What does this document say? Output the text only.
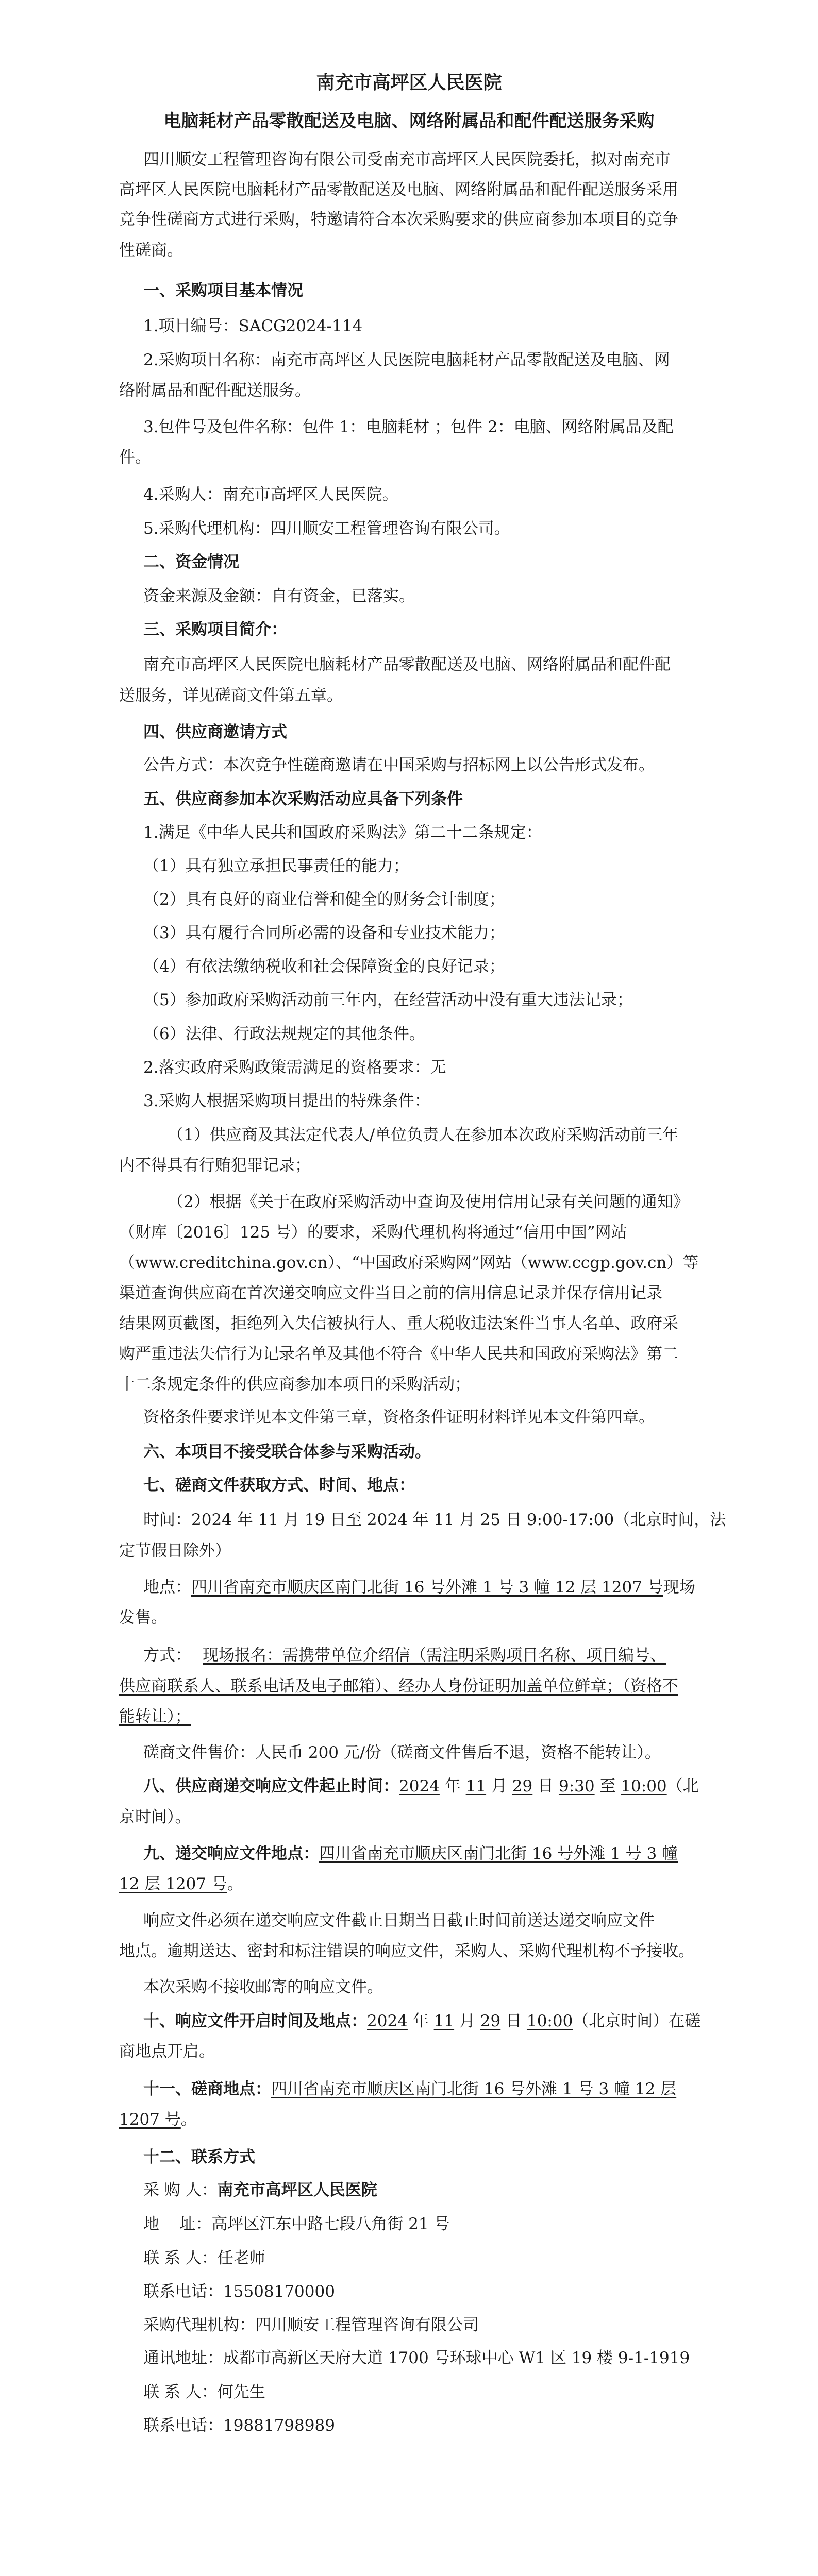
南充市高坪区人民医院
电脑耗材产品零散配送及电脑、网络附属品和配件配送服务采购
四川顺安工程管理咨询有限公司受南充市高坪区人民医院委托，拟对南充市
高坪区人民医院电脑耗材产品零散配送及电脑、网络附属品和配件配送服务采用
竞争性磋商方式进行采购，特邀请符合本次采购要求的供应商参加本项目的竞争
性磋商。
一、采购项目基本情况
1.项目编号：SACG2024-114
2.采购项目名称：南充市高坪区人民医院电脑耗材产品零散配送及电脑、网
络附属品和配件配送服务。
3.包件号及包件名称：包件 1：电脑耗材 ；包件 2：电脑、网络附属品及配
件。
4.采购人：南充市高坪区人民医院。
5.采购代理机构：四川顺安工程管理咨询有限公司。
二、资金情况
资金来源及金额：自有资金，已落实。
三、采购项目简介：
南充市高坪区人民医院电脑耗材产品零散配送及电脑、网络附属品和配件配
送服务，详见磋商文件第五章。
四、供应商邀请方式
公告方式：本次竞争性磋商邀请在中国采购与招标网上以公告形式发布。
五、供应商参加本次采购活动应具备下列条件
1.满足《中华人民共和国政府采购法》第二十二条规定：
（1）具有独立承担民事责任的能力；
（2）具有良好的商业信誉和健全的财务会计制度；
（3）具有履行合同所必需的设备和专业技术能力；
（4）有依法缴纳税收和社会保障资金的良好记录；
（5）参加政府采购活动前三年内，在经营活动中没有重大违法记录；
（6）法律、行政法规规定的其他条件。
2.落实政府采购政策需满足的资格要求：无
3.采购人根据采购项目提出的特殊条件：
（1）供应商及其法定代表人/单位负责人在参加本次政府采购活动前三年
内不得具有行贿犯罪记录；
（2）根据《关于在政府采购活动中查询及使用信用记录有关问题的通知》
（财库〔2016〕125 号）的要求，采购代理机构将通过“信用中国”网站
（www.creditchina.gov.cn）、“中国政府采购网”网站（www.ccgp.gov.cn）等
渠道查询供应商在首次递交响应文件当日之前的信用信息记录并保存信用记录
结果网页截图，拒绝列入失信被执行人、重大税收违法案件当事人名单、政府采
购严重违法失信行为记录名单及其他不符合《中华人民共和国政府采购法》第二
十二条规定条件的供应商参加本项目的采购活动；
资格条件要求详见本文件第三章，资格条件证明材料详见本文件第四章。
六、本项目不接受联合体参与采购活动。
七、磋商文件获取方式、时间、地点：
时间：2024 年 11 月 19 日至 2024 年 11 月 25 日 9:00-17:00（北京时间，法
定节假日除外）
地点：四川省南充市顺庆区南门北街 16 号外滩 1 号 3 幢 12 层 1207 号现场
发售。
方式： 现场报名：需携带单位介绍信（需注明采购项目名称、项目编号、
供应商联系人、联系电话及电子邮箱）、经办人身份证明加盖单位鲜章；（资格不
能转让）；
磋商文件售价：人民币 200 元/份（磋商文件售后不退，资格不能转让）。
八、供应商递交响应文件起止时间：2024 年 11 月 29 日 9:30 至 10:00（北
京时间）。
九、递交响应文件地点：四川省南充市顺庆区南门北街 16 号外滩 1 号 3 幢
12 层 1207 号。
响应文件必须在递交响应文件截止日期当日截止时间前送达递交响应文件
地点。逾期送达、密封和标注错误的响应文件，采购人、采购代理机构不予接收。
本次采购不接收邮寄的响应文件。
十、响应文件开启时间及地点：2024 年 11 月 29 日 10:00（北京时间）在磋
商地点开启。
十一、磋商地点：四川省南充市顺庆区南门北街 16 号外滩 1 号 3 幢 12 层
1207 号。
十二、联系方式
采 购 人：南充市高坪区人民医院
地    址：高坪区江东中路七段八角街 21 号
联 系 人：任老师
联系电话：15508170000
采购代理机构：四川顺安工程管理咨询有限公司
通讯地址：成都市高新区天府大道 1700 号环球中心 W1 区 19 楼 9-1-1919
联 系 人：何先生
联系电话：19881798989
